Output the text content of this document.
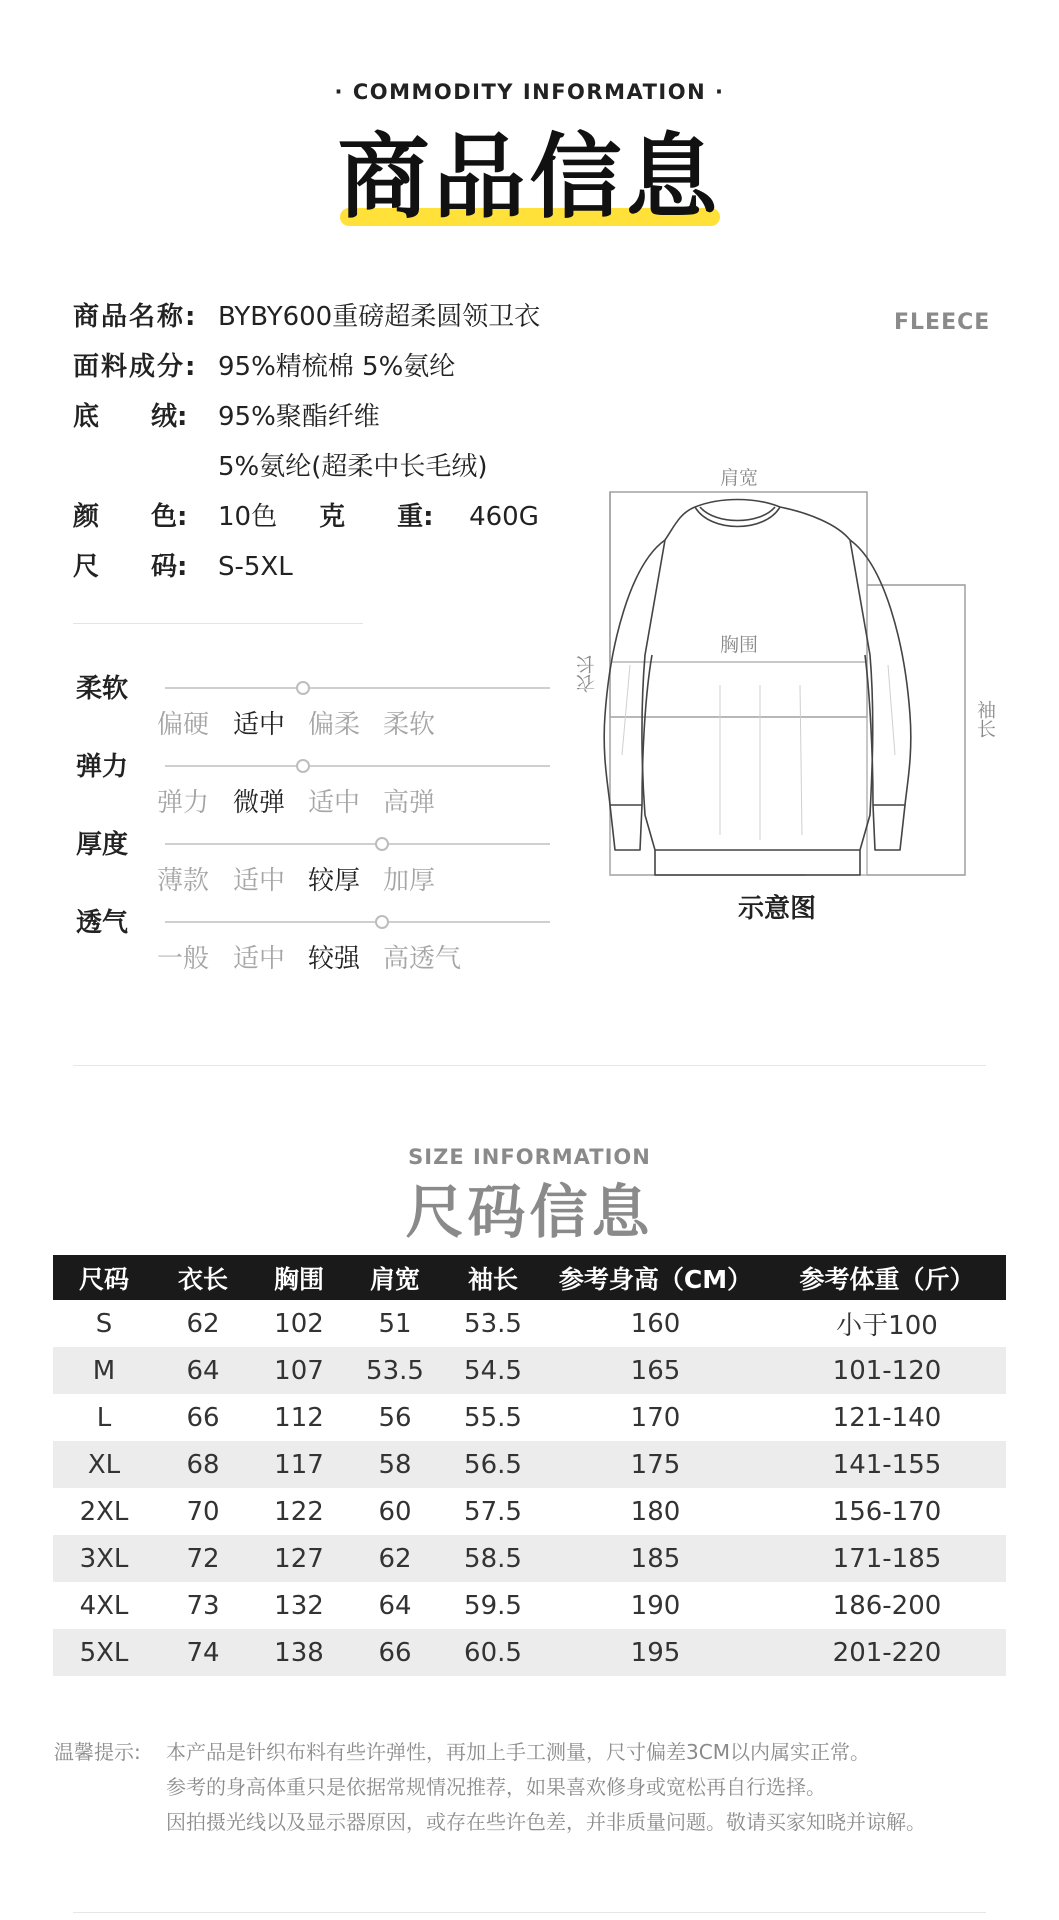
· COMMODITY INFORMATION ·
商品信息
FLEECE
商品名称: BYBY600重磅超柔圆领卫衣
面料成分: 95%精梳棉 5%氨纶
底　　绒: 95%聚酯纤维
5%氨纶(超柔中长毛绒)
颜　　色: 10色 克　　重: 460G
尺　　码: S-5XL
柔软
偏硬 适中 偏柔 柔软
弹力
弹力 微弹 适中 高弹
厚度
薄款 适中 较厚 加厚
透气
一般 适中 较强 高透气
肩宽
胸围
衣长
袖长
示意图
SIZE INFORMATION
尺码信息
尺码	衣长	胸围	肩宽	袖长	参考身高（CM）	参考体重（斤）
S	62	102	51	53.5	160	小于100
M	64	107	53.5	54.5	165	101-120
L	66	112	56	55.5	170	121-140
XL	68	117	58	56.5	175	141-155
2XL	70	122	60	57.5	180	156-170
3XL	72	127	62	58.5	185	171-185
4XL	73	132	64	59.5	190	186-200
5XL	74	138	66	60.5	195	201-220
温馨提示: 本产品是针织布料有些许弹性，再加上手工测量，尺寸偏差3CM以内属实正常。
参考的身高体重只是依据常规情况推荐，如果喜欢修身或宽松再自行选择。
因拍摄光线以及显示器原因，或存在些许色差，并非质量问题。敬请买家知晓并谅解。
